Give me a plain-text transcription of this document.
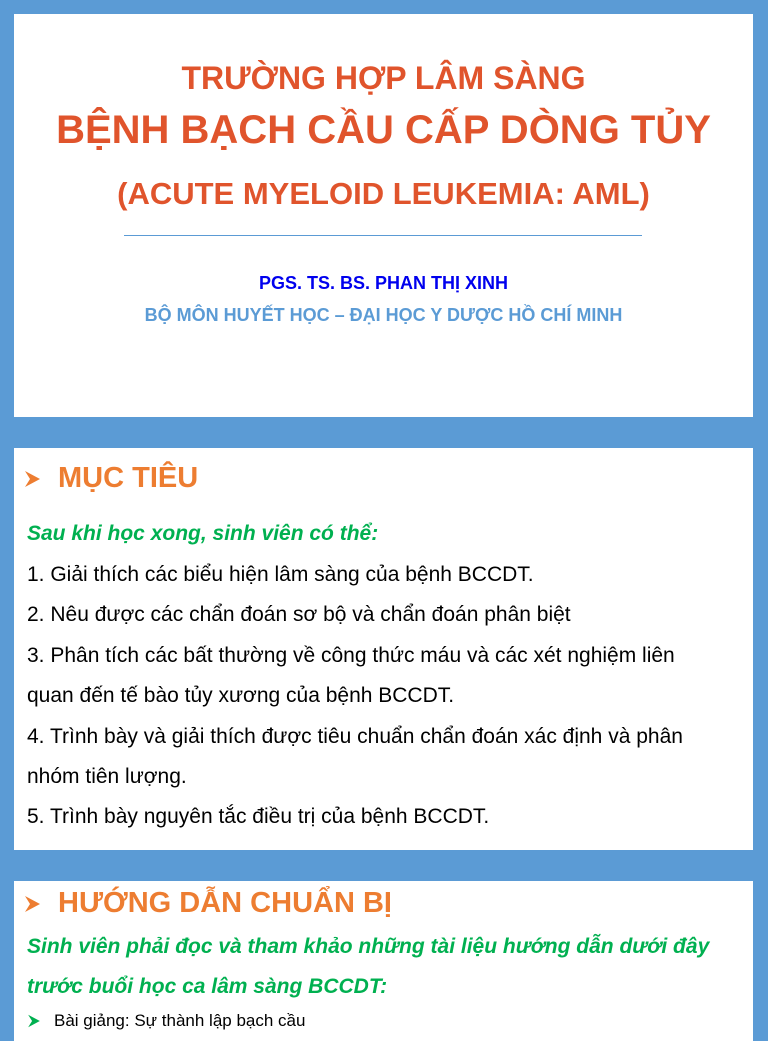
TRƯỜNG HỢP LÂM SÀNG
BỆNH BẠCH CẦU CẤP DÒNG TỦY
(ACUTE MYELOID LEUKEMIA: AML)
PGS. TS. BS. PHAN THỊ XINH
BỘ MÔN HUYẾT HỌC – ĐẠI HỌC Y DƯỢC HỒ CHÍ MINH
MỤC TIÊU
Sau khi học xong, sinh viên có thể:
1. Giải thích các biểu hiện lâm sàng của bệnh BCCDT.
2. Nêu được các chẩn đoán sơ bộ và chẩn đoán phân biệt
3. Phân tích các bất thường về công thức máu và các xét nghiệm liên
quan đến tế bào tủy xương của bệnh BCCDT.
4. Trình bày và giải thích được tiêu chuẩn chẩn đoán xác định và phân
nhóm tiên lượng.
5. Trình bày nguyên tắc điều trị của bệnh BCCDT.
HƯỚNG DẪN CHUẨN BỊ
Sinh viên phải đọc và tham khảo những tài liệu hướng dẫn dưới đây
trước buổi học ca lâm sàng BCCDT:
Bài giảng: Sự thành lập bạch cầu
